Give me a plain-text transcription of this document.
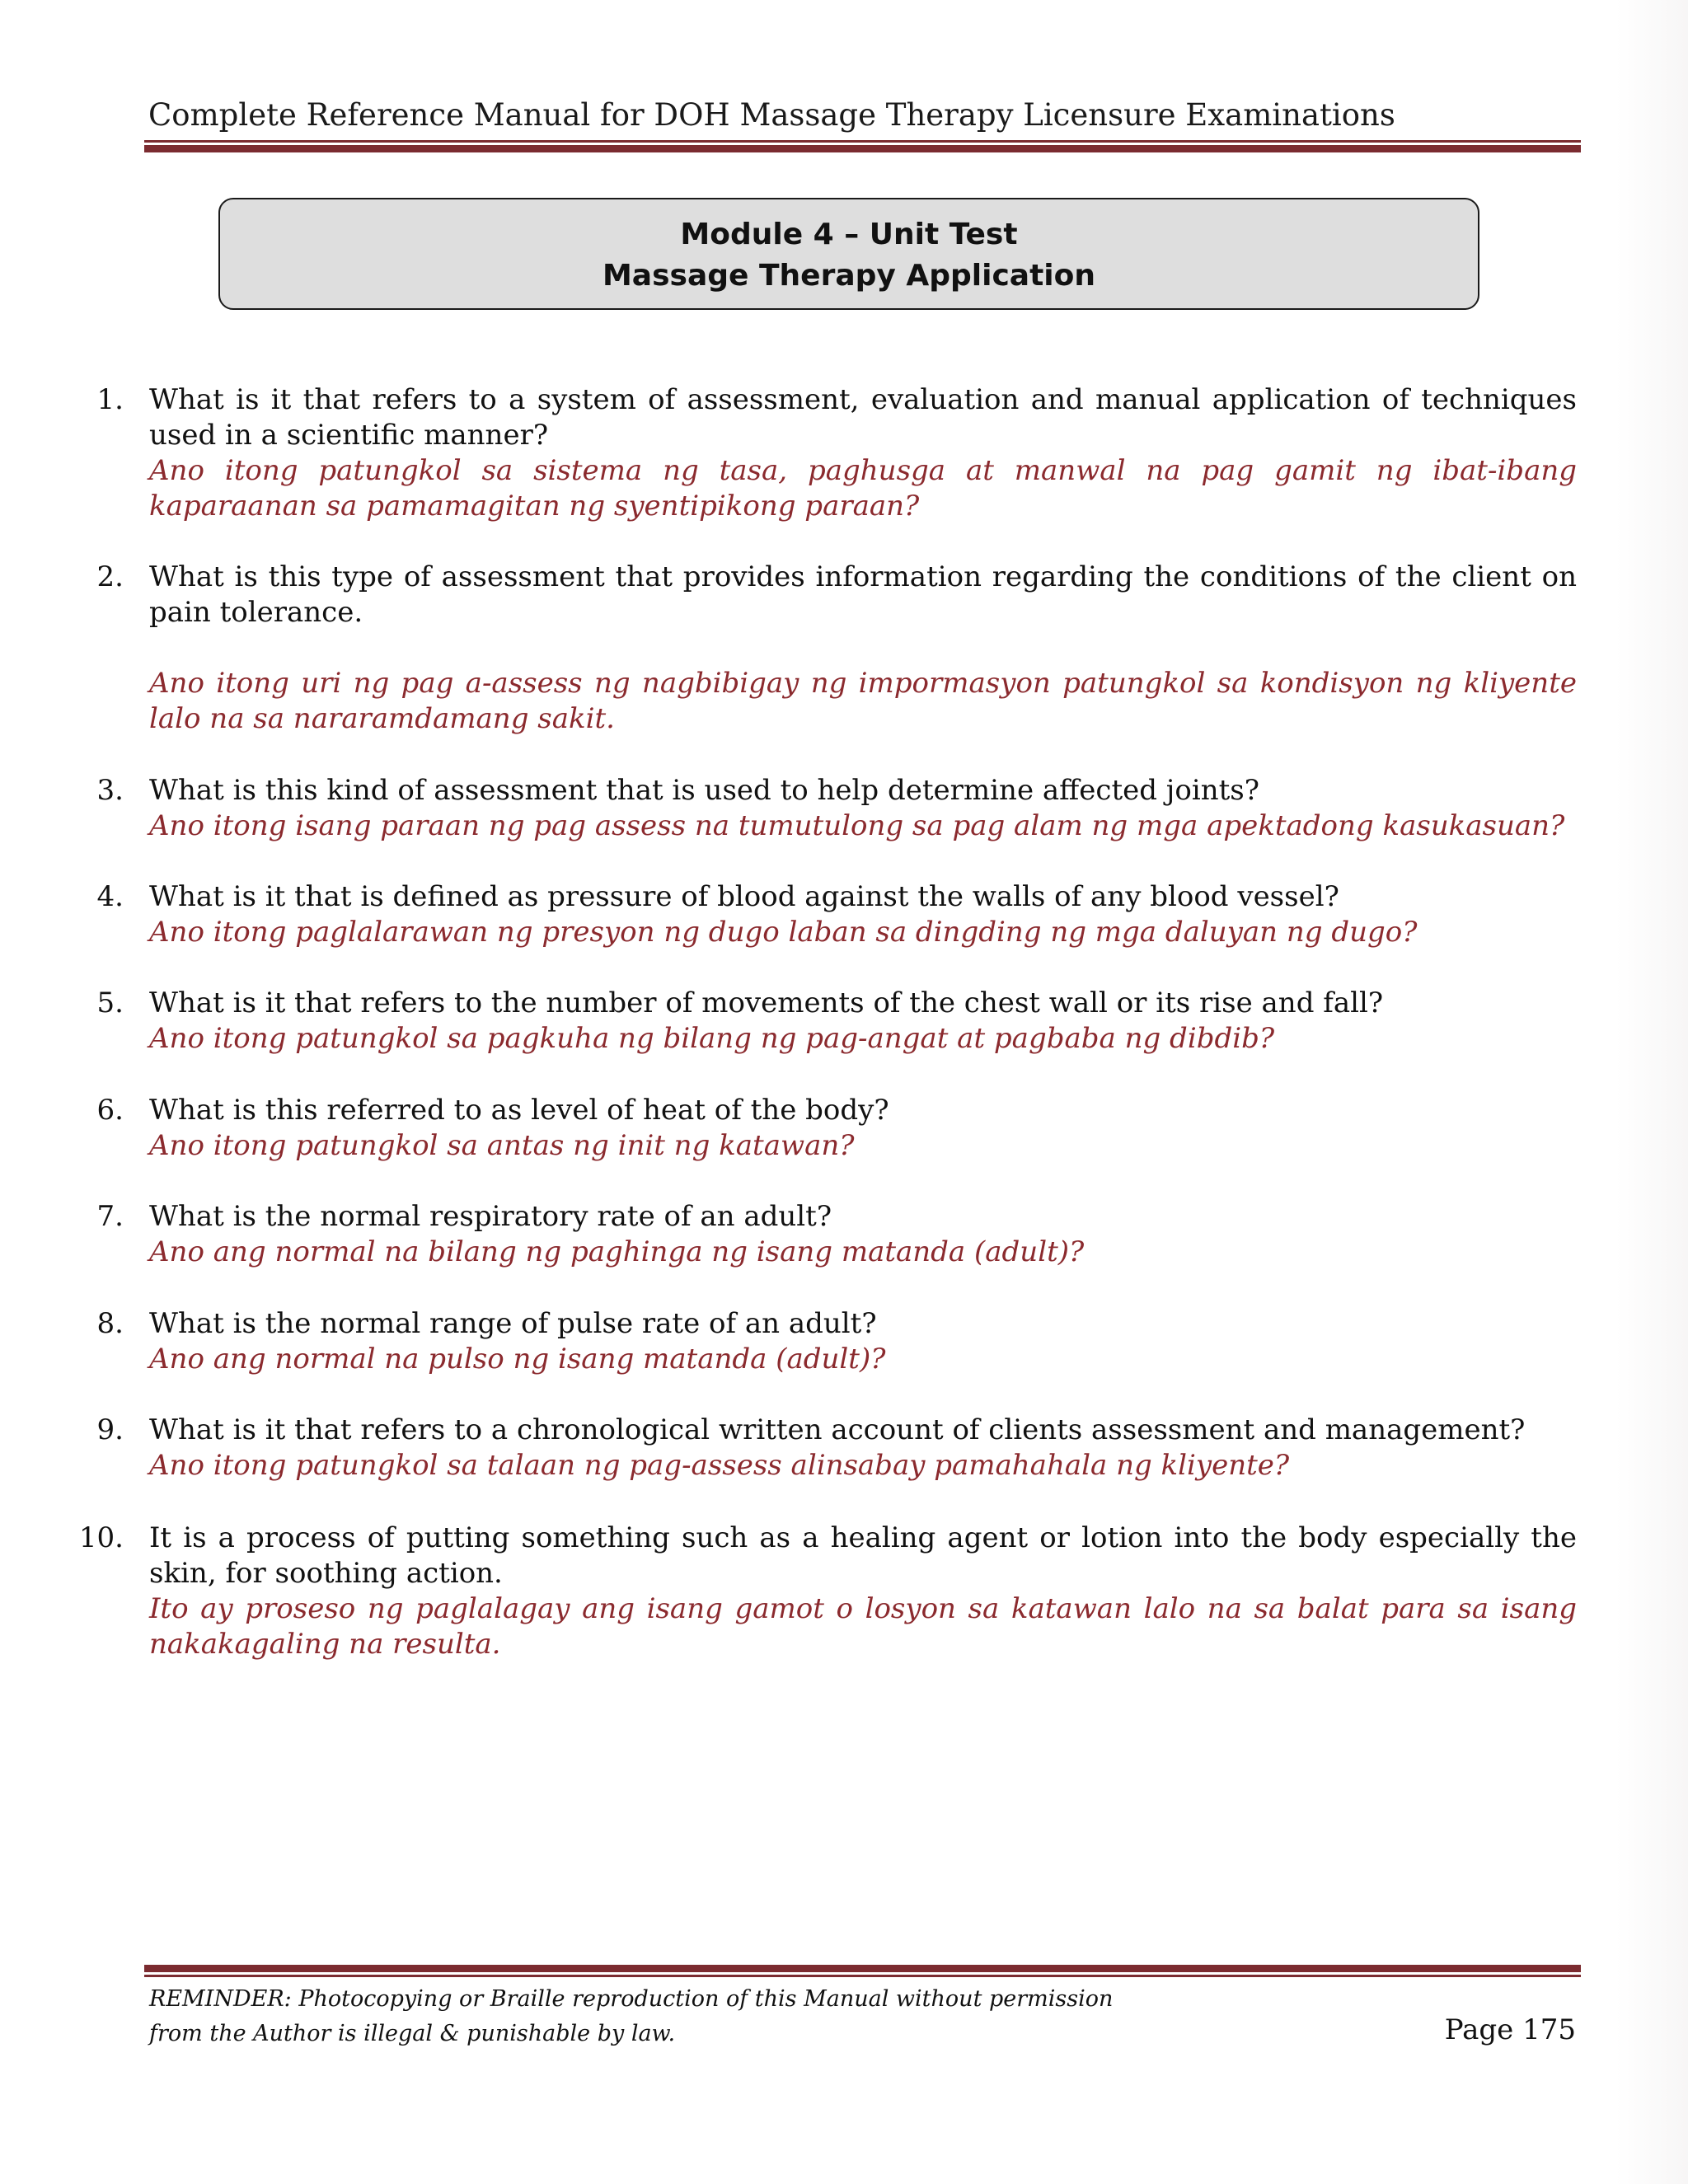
Complete Reference Manual for DOH Massage Therapy Licensure Examinations
Module 4 – Unit Test
Massage Therapy Application
1. What is it that refers to a system of assessment, evaluation and manual application of techniques used in a scientific manner?
Ano itong patungkol sa sistema ng tasa, paghusga at manwal na pag gamit ng ibat-ibang kaparaanan sa pamamagitan ng syentipikong paraan?
2. What is this type of assessment that provides information regarding the conditions of the client on pain tolerance.
Ano itong uri ng pag a-assess ng nagbibigay ng impormasyon patungkol sa kondisyon ng kliyente lalo na sa nararamdamang sakit.
3. What is this kind of assessment that is used to help determine affected joints?
Ano itong isang paraan ng pag assess na tumutulong sa pag alam ng mga apektadong kasukasuan?
4. What is it that is defined as pressure of blood against the walls of any blood vessel?
Ano itong paglalarawan ng presyon ng dugo laban sa dingding ng mga daluyan ng dugo?
5. What is it that refers to the number of movements of the chest wall or its rise and fall?
Ano itong patungkol sa pagkuha ng bilang ng pag-angat at pagbaba ng dibdib?
6. What is this referred to as level of heat of the body?
Ano itong patungkol sa antas ng init ng katawan?
7. What is the normal respiratory rate of an adult?
Ano ang normal na bilang ng paghinga ng isang matanda (adult)?
8. What is the normal range of pulse rate of an adult?
Ano ang normal na pulso ng isang matanda (adult)?
9. What is it that refers to a chronological written account of clients assessment and management?
Ano itong patungkol sa talaan ng pag-assess alinsabay pamahahala ng kliyente?
10. It is a process of putting something such as a healing agent or lotion into the body especially the skin, for soothing action.
Ito ay proseso ng paglalagay ang isang gamot o losyon sa katawan lalo na sa balat para sa isang nakakagaling na resulta.
REMINDER: Photocopying or Braille reproduction of this Manual without permission
from the Author is illegal & punishable by law.	Page 175
